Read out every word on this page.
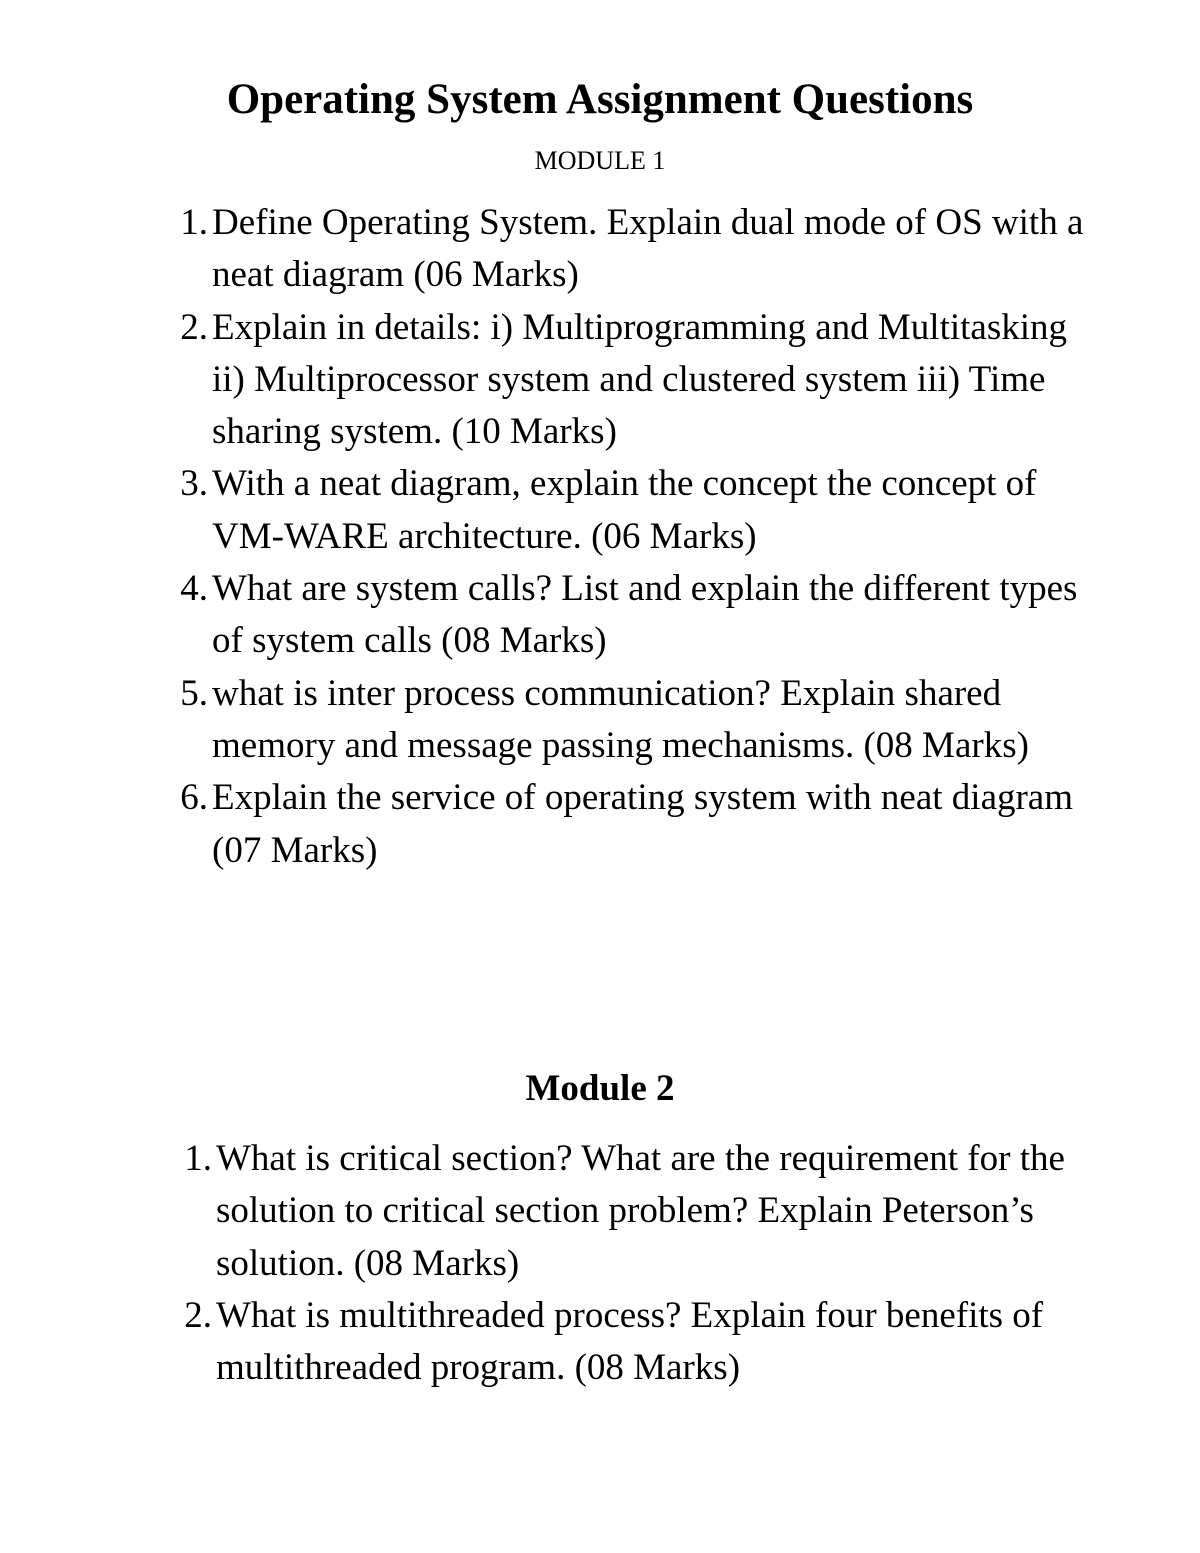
Operating System Assignment Questions
MODULE 1
1. Define Operating System. Explain dual mode of OS with a neat diagram (06 Marks)
2. Explain in details: i) Multiprogramming and Multitasking ii) Multiprocessor system and clustered system iii) Time sharing system. (10 Marks)
3. With a neat diagram, explain the concept the concept of VM-WARE architecture. (06 Marks)
4. What are system calls? List and explain the different types of system calls (08 Marks)
5. what is inter process communication? Explain shared memory and message passing mechanisms. (08 Marks)
6. Explain the service of operating system with neat diagram (07 Marks)
Module 2
1. What is critical section? What are the requirement for the solution to critical section problem? Explain Peterson’s solution. (08 Marks)
2. What is multithreaded process? Explain four benefits of multithreaded program. (08 Marks)
